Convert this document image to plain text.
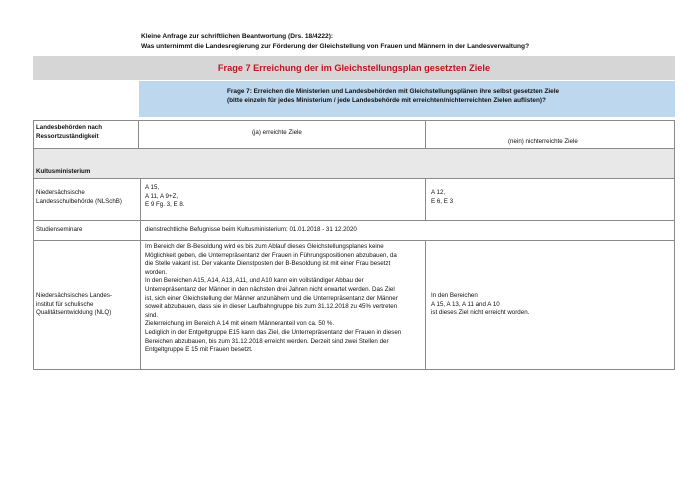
Kleine Anfrage zur schriftlichen Beantwortung (Drs. 18/4222):
Was unternimmt die Landesregierung zur Förderung der Gleichstellung von Frauen und Männern in der Landesverwaltung?
Frage 7 Erreichung der im Gleichstellungsplan gesetzten Ziele
Frage 7: Erreichen die Ministerien und Landesbehörden mit Gleichstellungsplänen ihre selbst gesetzten Ziele
(bitte einzeln für jedes Ministerium / jede Landesbehörde mit erreichten/nichterreichten Zielen auflisten)?
Landesbehörden nach
Ressortzuständigkeit
(ja) erreichte Ziele
(nein) nichterreichte Ziele
Kultusministerium
Niedersächsische
Landesschulbehörde (NLSchB)
A 15,
A 11, A 9+Z,
E 9 Fg. 3, E 8.
A 12,
E 6, E 3
Studienseminare	dienstrechtliche Befugnisse beim Kultusministerium: 01.01.2018 - 31 12.2020
Niedersächsisches Landes-
institut für schulische
Qualitätsentwicklung (NLQ)
Im Bereich der B-Besoldung wird es bis zum Ablauf dieses Gleichstellungsplanes keine
Möglichkeit geben, die Unterrepräsentanz der Frauen in Führungspositionen abzubauen, da
die Stelle vakant ist. Der vakante Dienstposten der B-Besoldung ist mit einer Frau besetzt
worden.
In den Bereichen A15, A14, A13, A11, und A10 kann ein vollständiger Abbau der
Unterrepräsentanz der Männer in den nächsten drei Jahren nicht erwartet werden. Das Ziel
ist, sich einer Gleichstellung der Männer anzunähern und die Unterrepräsentanz der Männer
soweit abzubauen, dass sie in dieser Laufbahngruppe bis zum 31.12.2018 zu 45% vertreten
sind.
Zielerreichung im Bereich A 14 mit einem Männeranteil von ca. 50 %.
Lediglich in der Entgeltgruppe E15 kann das Ziel, die Unterrepräsentanz der Frauen in diesen
Bereichen abzubauen, bis zum 31.12.2018 erreicht werden. Derzeit sind zwei Stellen der
Entgeltgruppe E 15 mit Frauen besetzt.
In den Bereichen
A 15, A 13, A 11 and A 10
ist dieses Ziel nicht erreicht worden.
